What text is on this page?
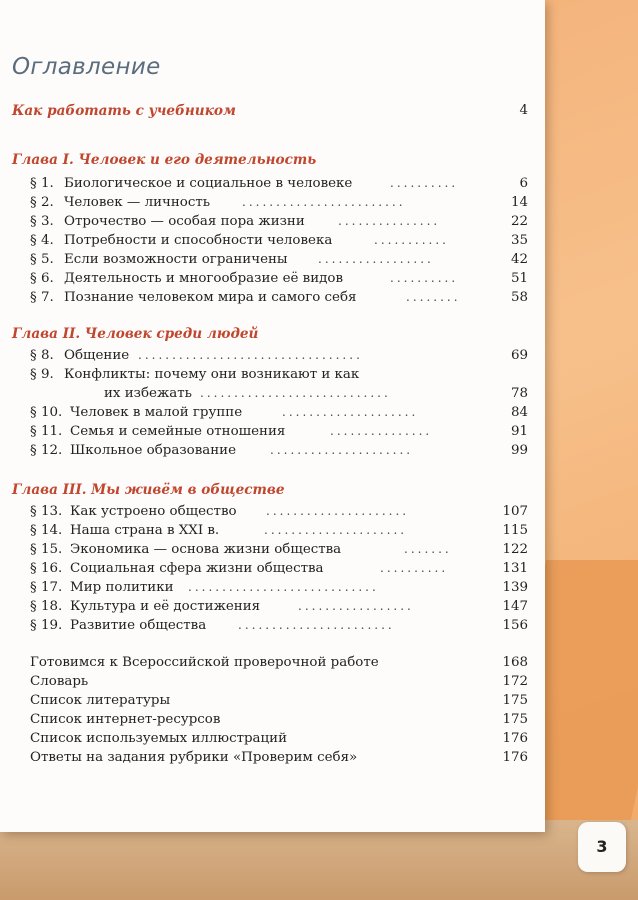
Оглавление
Как работать с учебником	4
Глава I. Человек и его деятельность
§ 1. Биологическое и социальное в человеке	..........	6
§ 2. Человек — личность	........................	14
§ 3. Отрочество — особая пора жизни	...............	22
§ 4. Потребности и способности человека	...........	35
§ 5. Если возможности ограничены	.................	42
§ 6. Деятельность и многообразие её видов	..........	51
§ 7. Познание человеком мира и самого себя	........	58
Глава II. Человек среди людей
§ 8. Общение .................................	69
§ 9. Конфликты: почему они возникают и как
их избежать ............................	78
§ 10. Человек в малой группе	....................	84
§ 11. Семья и семейные отношения	...............	91
§ 12. Школьное образование	.....................	99
Глава III. Мы живём в обществе
§ 13. Как устроено общество .....................	107
§ 14. Наша страна в XXI в.	.....................	115
§ 15. Экономика — основа жизни общества	.......	122
§ 16. Социальная сфера жизни общества	..........	131
§ 17. Мир политики ............................	139
§ 18. Культура и её достижения	.................	147
§ 19. Развитие общества	.......................	156
Готовимся к Всероссийской проверочной работе	168
Словарь	172
Список литературы	175
Список интернет-ресурсов	175
Список используемых иллюстраций	176
Ответы на задания рубрики «Проверим себя»	176
3
